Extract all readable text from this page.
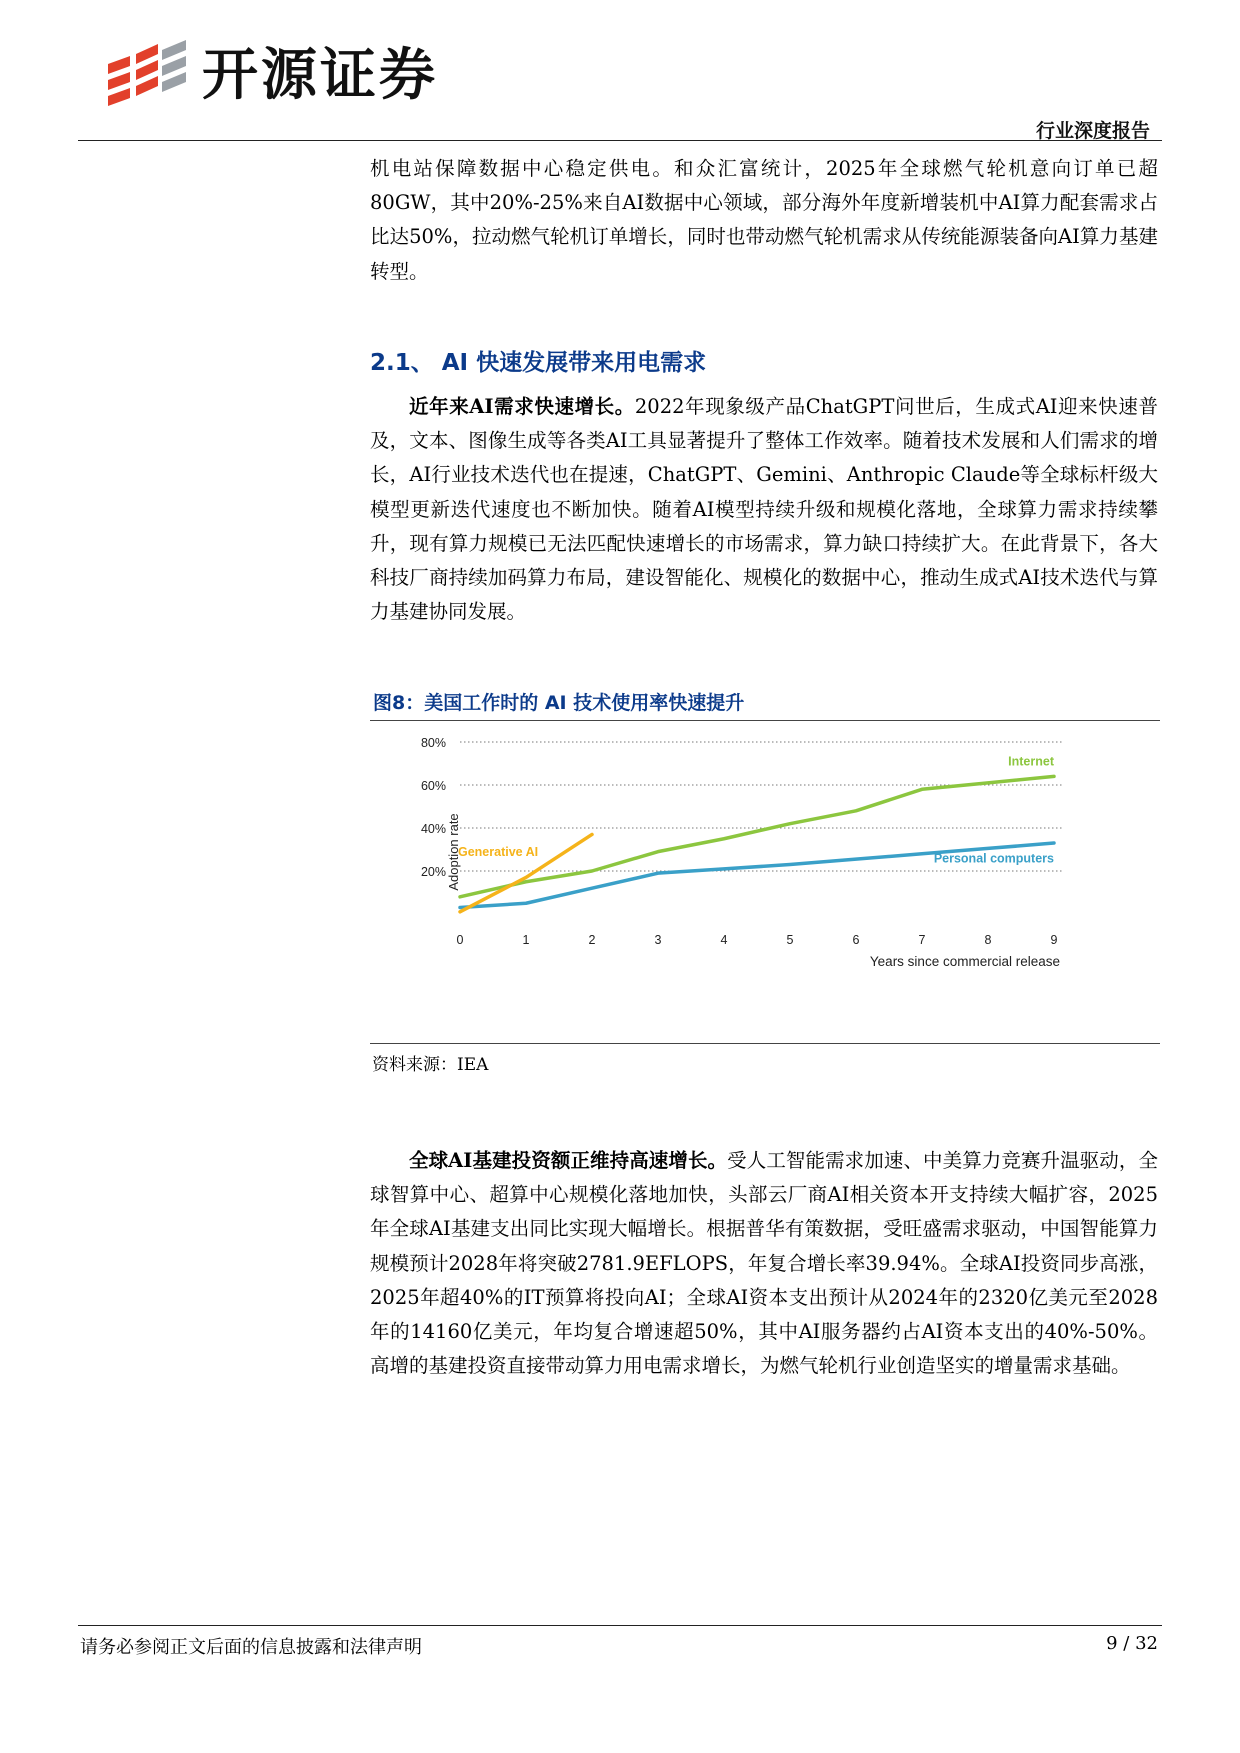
开源证券
行业深度报告

机电站保障数据中心稳定供电。和众汇富统计，2025年全球燃气轮机意向订单已超80GW，其中20%-25%来自AI数据中心领域，部分海外年度新增装机中AI算力配套需求占比达50%，拉动燃气轮机订单增长，同时也带动燃气轮机需求从传统能源装备向AI算力基建转型。

2.1、 AI 快速发展带来用电需求

近年来AI需求快速增长。2022年现象级产品ChatGPT问世后，生成式AI迎来快速普及，文本、图像生成等各类AI工具显著提升了整体工作效率。随着技术发展和人们需求的增长，AI行业技术迭代也在提速，ChatGPT、Gemini、Anthropic Claude等全球标杆级大模型更新迭代速度也不断加快。随着AI模型持续升级和规模化落地，全球算力需求持续攀升，现有算力规模已无法匹配快速增长的市场需求，算力缺口持续扩大。在此背景下，各大科技厂商持续加码算力布局，建设智能化、规模化的数据中心，推动生成式AI技术迭代与算力基建协同发展。

图8：美国工作时的 AI 技术使用率快速提升
20%
40%
60%
80%
0	1	2	3	4	5	6	7	8	9
Internet
Personal computers
Generative AI
Adoption rate
Years since commercial release
资料来源：IEA

全球AI基建投资额正维持高速增长。受人工智能需求加速、中美算力竞赛升温驱动，全球智算中心、超算中心规模化落地加快，头部云厂商AI相关资本开支持续大幅扩容，2025年全球AI基建支出同比实现大幅增长。根据普华有策数据，受旺盛需求驱动，中国智能算力规模预计2028年将突破2781.9EFLOPS，年复合增长率39.94%。全球AI投资同步高涨，2025年超40%的IT预算将投向AI；全球AI资本支出预计从2024年的2320亿美元至2028年的14160亿美元，年均复合增速超50%，其中AI服务器约占AI资本支出的40%-50%。高增的基建投资直接带动算力用电需求增长，为燃气轮机行业创造坚实的增量需求基础。

请务必参阅正文后面的信息披露和法律声明	9 / 32
